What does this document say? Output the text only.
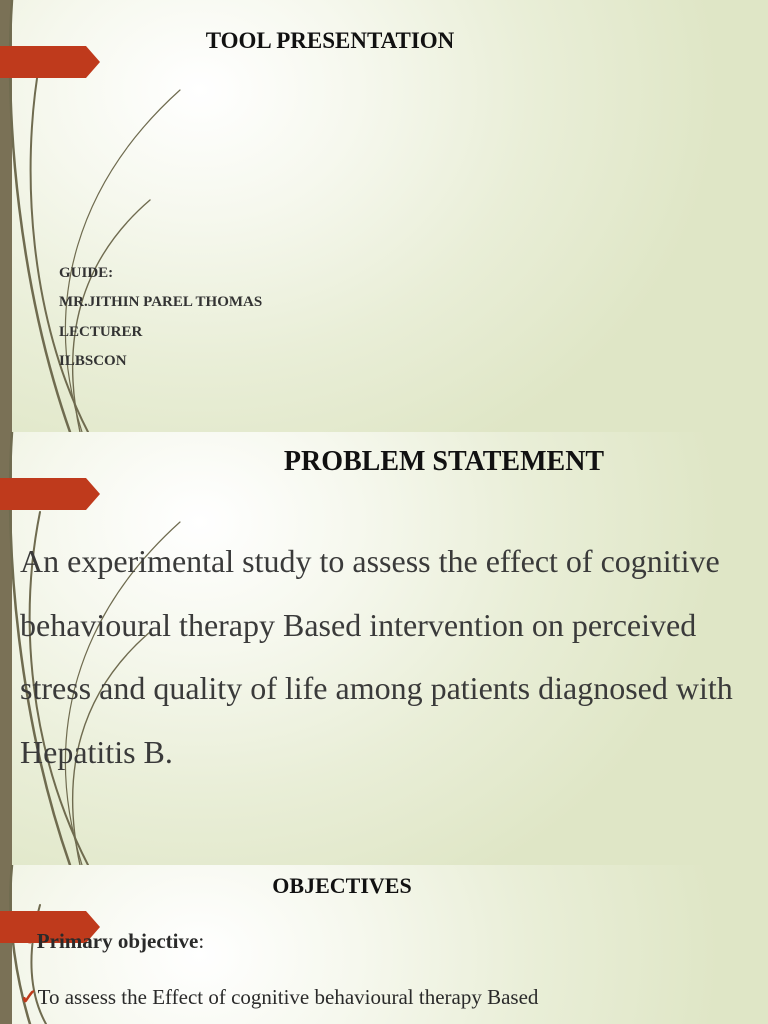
TOOL PRESENTATION
GUIDE:
MR.JITHIN PAREL THOMAS
LECTURER
ILBSCON
PROBLEM STATEMENT

An experimental study to assess the effect of cognitive behavioural therapy Based intervention on perceived stress and quality of life among patients diagnosed with Hepatitis B.

OBJECTIVES

▫ Primary objective:

✓To assess the Effect of cognitive behavioural therapy Based
